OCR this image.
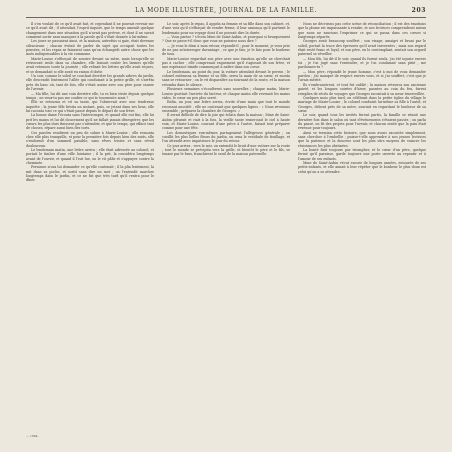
LA MODE ILLUSTRÉE, JOURNAL DE LA FAMILLE.	203

Il s'en voulait de ce qu'il avait fait, et cependant il ne pouvait revenir sur ce qu'il avait dit ; il attendait, l'esprit inquiet, que le temps amenât quelque changement dans une situation qu'il n'avait pas prévue, et dont il ne savait comment sortir sans manquer à la parole qu'il s'était donnée à lui-même.

Les jours se passaient ainsi, et la maison, autrefois si gaie, était devenue silencieuse ; chacun évitait de parler du sujet qui occupait toutes les pensées, et les repas se faisaient sans qu'on échangeât autre chose que les mots indispensables à la vie commune.

Marie-Louise s'efforçait de sourire devant sa mère, mais lorsqu'elle se retrouvait seule dans sa chambre, elle laissait couler les larmes qu'elle avait retenues toute la journée ; elle relisait les lettres qu'elle avait reçues, et se demandait si elle avait eu raison d'obéir.

Un soir, comme le soleil se couchait derrière les grands arbres du jardin, elle descendit lentement l'allée qui conduisait à la petite grille, et s'arrêta près du banc où, tant de fois, elle s'était assise avec son père pour causer de l'avenir.

— Ma fille, lui dit une voix derrière elle, tu es bien triste depuis quelque temps ; ne veux-tu pas me confier ce qui te tourmente ainsi ?

Elle se retourna et vit sa tante, qui l'observait avec une tendresse inquiète ; la jeune fille hésita un instant, puis, se jetant dans ses bras, elle lui raconta tout ce qui s'était passé depuis le départ de son frère.

La bonne dame l'écouta sans l'interrompre, et quand elle eut fini, elle lui prit les mains et lui dit doucement qu'il ne fallait jamais désespérer, que les cœurs les plus durs finissent par s'attendrir, et que le temps, qui efface tant de choses, répare aussi bien des torts.

Ces paroles rendirent un peu de calme à Marie-Louise ; elle remonta chez elle plus tranquille, et pour la première fois depuis bien des nuits, elle s'endormit d'un sommeil paisible, sans rêves tristes et sans réveil douloureux.

Le lendemain matin, une lettre arriva ; elle était adressée au colonel, et portait le timbre d'une ville lointaine ; il la prit, la considéra longtemps avant de l'ouvrir, et quand il l'eut lue, on le vit pâlir et s'appuyer contre la cheminée.

Personne n'osa lui demander ce qu'elle contenait ; il la plia lentement, la mit dans sa poche, et sortit sans dire un mot ; on l'entendit marcher longtemps dans le jardin, et ce ne fut que très tard qu'il rentra pour le dîner.

Le soir, après le repas, il appela sa femme et sa fille dans son cabinet, et, d'une voix qu'il s'efforçait de rendre ferme, il leur annonça qu'il partirait le lendemain pour un voyage dont il ne pouvait dire la durée.

— Vous partez ? s'écria Mme de Saint-Aubin, et pourquoi si brusquement ? Que se passe-t-il donc que vous ne puissiez nous dire ?

— Je vous le dirai à mon retour, répondit-il ; pour le moment, je vous prie de ne pas m'interroger davantage ; ce que je fais, je le fais pour le bonheur de tous.

Marie-Louise regardait son père avec une émotion qu'elle ne cherchait pas à cacher ; elle comprenait vaguement qu'il s'agissait de son frère, et une espérance timide commençait à naître dans son cœur.

Le lendemain, au point du jour, la voiture attendait devant le perron ; le colonel embrassa sa femme et sa fille, serra la main de sa sœur, et monta sans se retourner ; on le vit disparaître au tournant de la route, et la maison retomba dans le silence.

Plusieurs semaines s'écoulèrent sans nouvelles ; chaque matin, Marie-Louise guettait l'arrivée du facteur, et chaque matin elle revenait les mains vides, le cœur un peu plus serré.

Enfin, un jour, une lettre arriva, écrite d'une main que tout le monde reconnut aussitôt ; elle ne contenait que quelques lignes : « Nous revenons ensemble ; préparez la chambre de Georges. »

Il serait difficile de dire la joie qui éclata dans la maison ; Mme de Saint-Aubin pleurait et riait à la fois, la vieille tante remerciait le ciel à haute voix, et Marie-Louise, courant d'une pièce à l'autre, faisait tout préparer comme pour une fête.

Les domestiques eux-mêmes partageaient l'allégresse générale ; on cueillit les plus belles fleurs du jardin, on orna le vestibule de feuillage, et l'on attendit avec impatience le jour du retour.

Ce jour arriva ; vers le soir, on entendit le bruit d'une voiture sur la route ; tout le monde se précipita vers la grille, et bientôt le père et le fils, se tenant par le bras, franchirent le seuil de la maison paternelle.

Nous ne décrirons pas cette scène de réconciliation ; il est des émotions que la plume est impuissante à rendre, et nos lectrices comprendront mieux que nous ne saurions l'exprimer ce qui se passa dans ces cœurs si longtemps séparés.

Georges avait beaucoup souffert ; son visage, amaigri et bruni par le soleil, portait la trace des épreuves qu'il avait traversées ; mais son regard était resté franc et loyal, et son père, en le contemplant, sentait son orgueil paternel se réveiller.

— Mon fils, lui dit-il le soir, quand ils furent seuls, j'ai été injuste envers toi ; je t'ai jugé sans t'entendre, et je t'ai condamné sans pitié ; me pardonnes-tu ?

— Mon père, répondit le jeune homme, c'est à moi de vous demander pardon ; j'ai manqué de respect envers vous, et si j'ai souffert, c'est que je l'avais mérité.

Ils s'embrassèrent, et tout fut oublié ; la maison retrouva son ancienne gaieté, et les longues soirées d'hiver, passées au coin du feu, furent remplies de récits de voyages que Georges racontait à sa sœur émerveillée.

Quelques mois plus tard, on célébrait dans la petite église du village le mariage de Marie-Louise ; le colonel conduisit lui-même sa fille à l'autel, et Georges, debout près de sa mère, souriait en regardant le bonheur de sa sœur.

Le soir, quand tous les invités furent partis, la famille se réunit une dernière fois dans le salon où tant d'événements s'étaient passés ; on parla du passé, on fit des projets pour l'avenir, et chacun sentit que la paix était revenue pour toujours.

Ainsi se termina cette histoire, que nous avons racontée simplement, sans chercher à l'embellir ; puisse-t-elle apprendre à nos jeunes lectrices que la patience et la douceur sont les plus sûrs moyens de vaincre les résistances les plus obstinées.

La bonté finit toujours par triompher, et le cœur d'un père, quelque fermé qu'il paraisse, garde toujours une porte ouverte au repentir et à l'amour de ses enfants.

Mme de Saint-Aubin vécut encore de longues années, entourée de ses petits-enfants, et elle aimait à leur répéter que le bonheur le plus doux est celui qu'on a su attendre.

— 1864.
